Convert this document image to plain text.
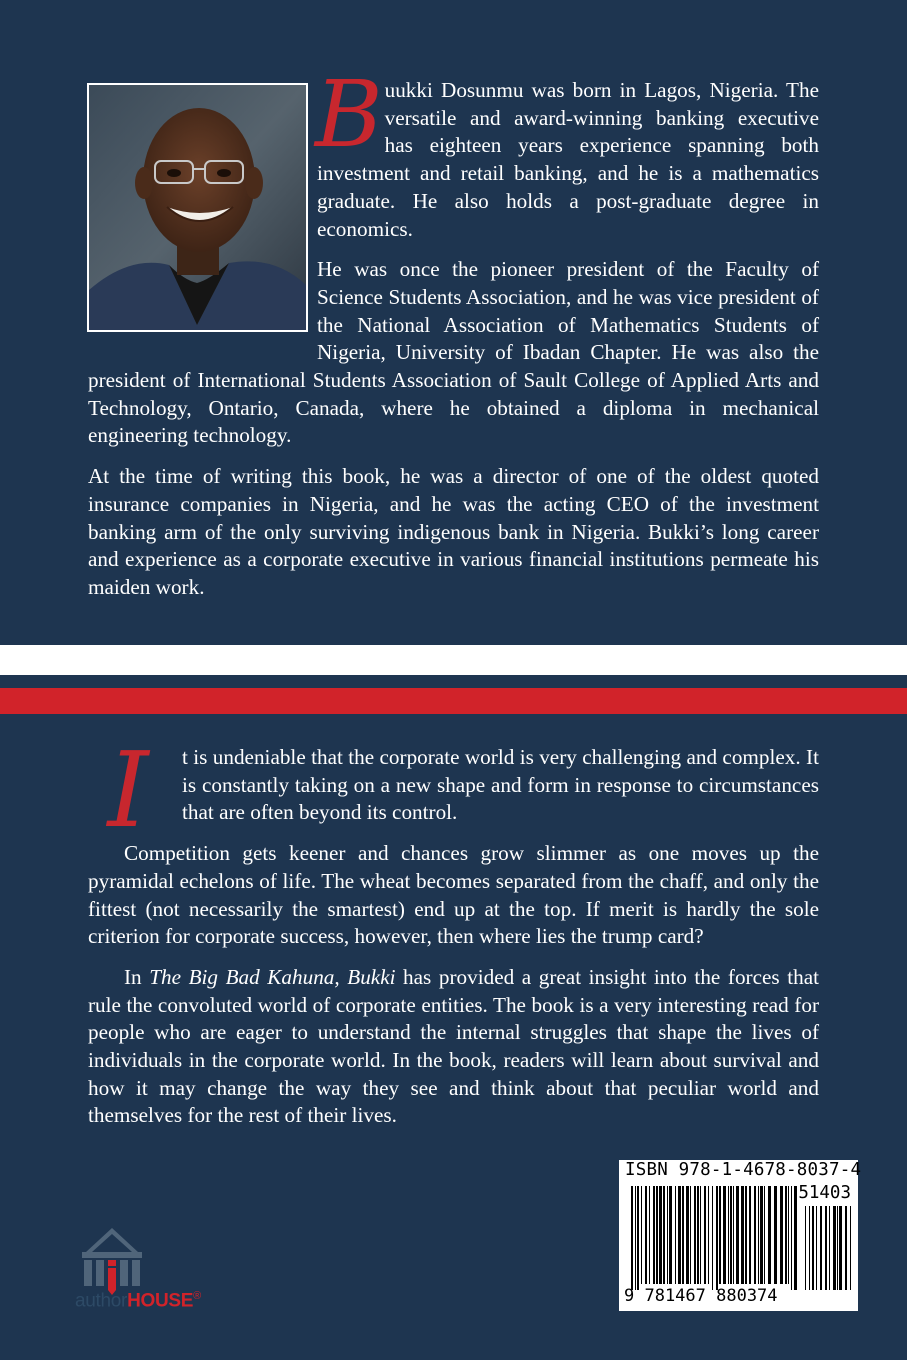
Buukki Dosunmu was born in Lagos, Nigeria. The versatile and award-winning banking executive has eighteen years experience spanning both investment and retail banking, and he is a mathematics graduate. He also holds a post-graduate degree in economics.

He was once the pioneer president of the Faculty of Science Students Association, and he was vice president of the National Association of Mathematics Students of Nigeria, University of Ibadan Chapter. He was also the president of International Students Association of Sault College of Applied Arts and Technology, Ontario, Canada, where he obtained a diploma in mechanical engineering technology.

At the time of writing this book, he was a director of one of the oldest quoted insurance companies in Nigeria, and he was the acting CEO of the investment banking arm of the only surviving indigenous bank in Nigeria. Bukki’s long career and experience as a corporate executive in various financial institutions permeate his maiden work.

I	t is undeniable that the corporate world is very challenging and complex. It is constantly taking on a new shape and form in response to circumstances that are often beyond its control.

Competition gets keener and chances grow slimmer as one moves up the pyramidal echelons of life. The wheat becomes separated from the chaff, and only the fittest (not necessarily the smartest) end up at the top. If merit is hardly the sole criterion for corporate success, however, then where lies the trump card?

In The Big Bad Kahuna, Bukki has provided a great insight into the forces that rule the convoluted world of corporate entities. The book is a very interesting read for people who are eager to understand the internal struggles that shape the lives of individuals in the corporate world. In the book, readers will learn about survival and how it may change the way they see and think about that peculiar world and themselves for the rest of their lives.

authorHOUSE®
ISBN 978-1-4678-8037-4
51403
9 781467 880374
